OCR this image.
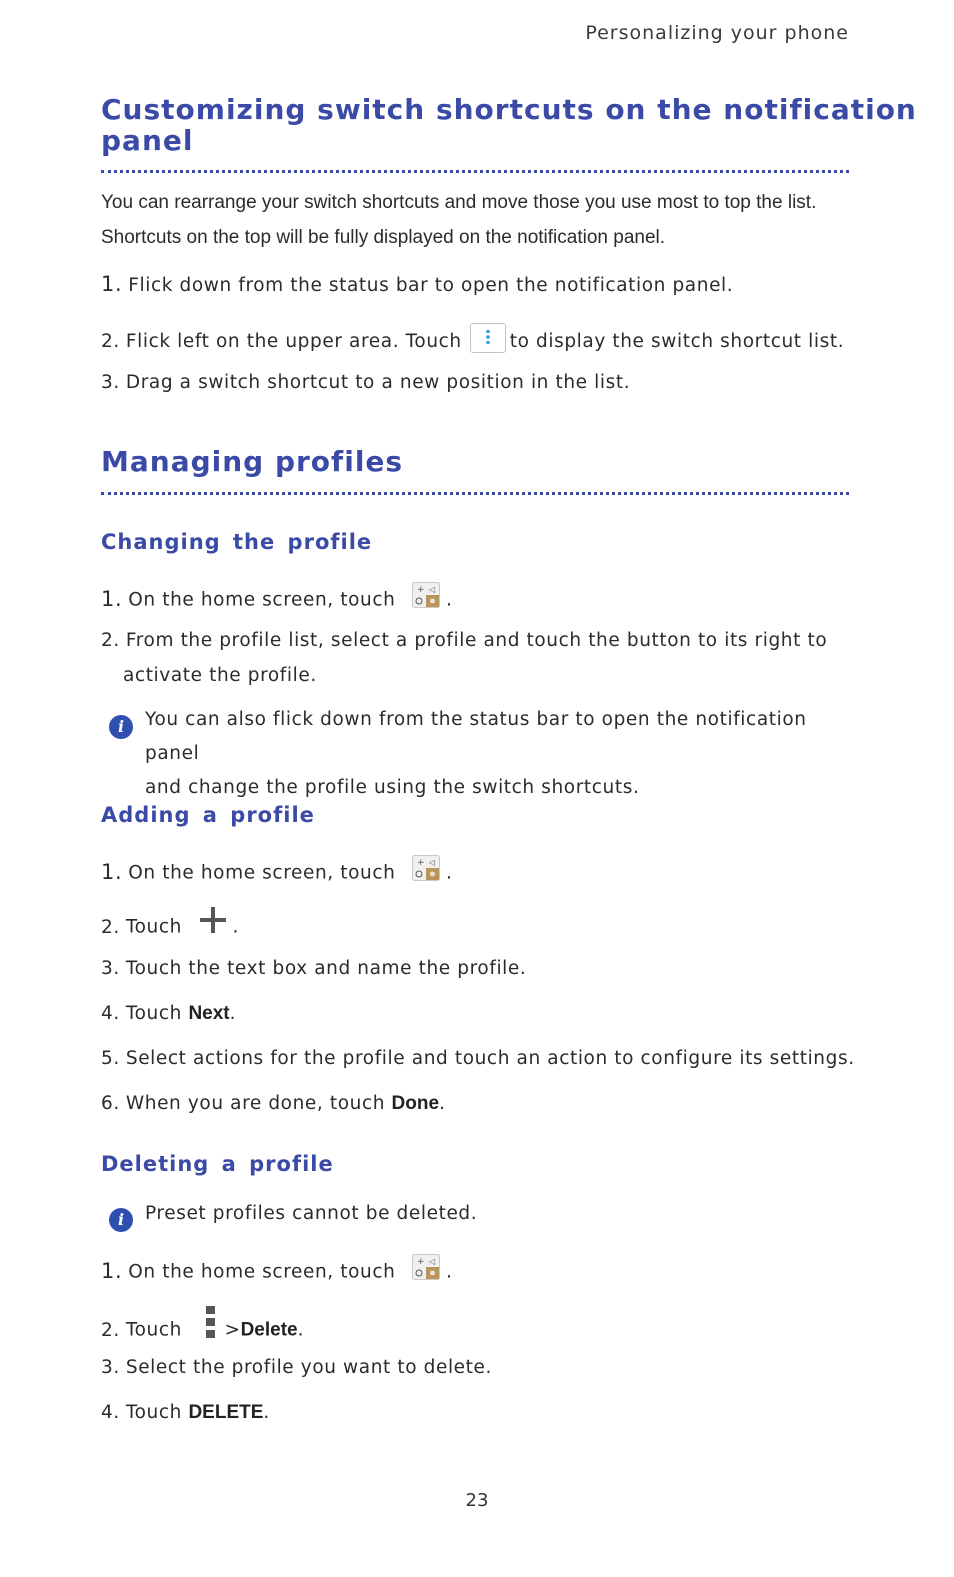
Personalizing your phone
Customizing switch shortcuts on the notification
panel
You can rearrange your switch shortcuts and move those you use most to top the list.
Shortcuts on the top will be fully displayed on the notification panel.
1. Flick down from the status bar to open the notification panel.
2. Flick left on the upper area. Touch	to display the switch shortcut list.
3. Drag a switch shortcut to a new position in the list.
Managing profiles
Changing the profile
1. On the home screen, touch + ◁ .
2. From the profile list, select a profile and touch the button to its right to
activate the profile.
i	You can also flick down from the status bar to open the notification panel
and change the profile using the switch shortcuts.
Adding a profile
1. On the home screen, touch + ◁ .
2. Touch	.
3. Touch the text box and name the profile.
4. Touch Next.
5. Select actions for the profile and touch an action to configure its settings.
6. When you are done, touch Done.
Deleting a profile
i	Preset profiles cannot be deleted.
1. On the home screen, touch + ◁ .
2. Touch >Delete.
3. Select the profile you want to delete.
4. Touch DELETE.
23
